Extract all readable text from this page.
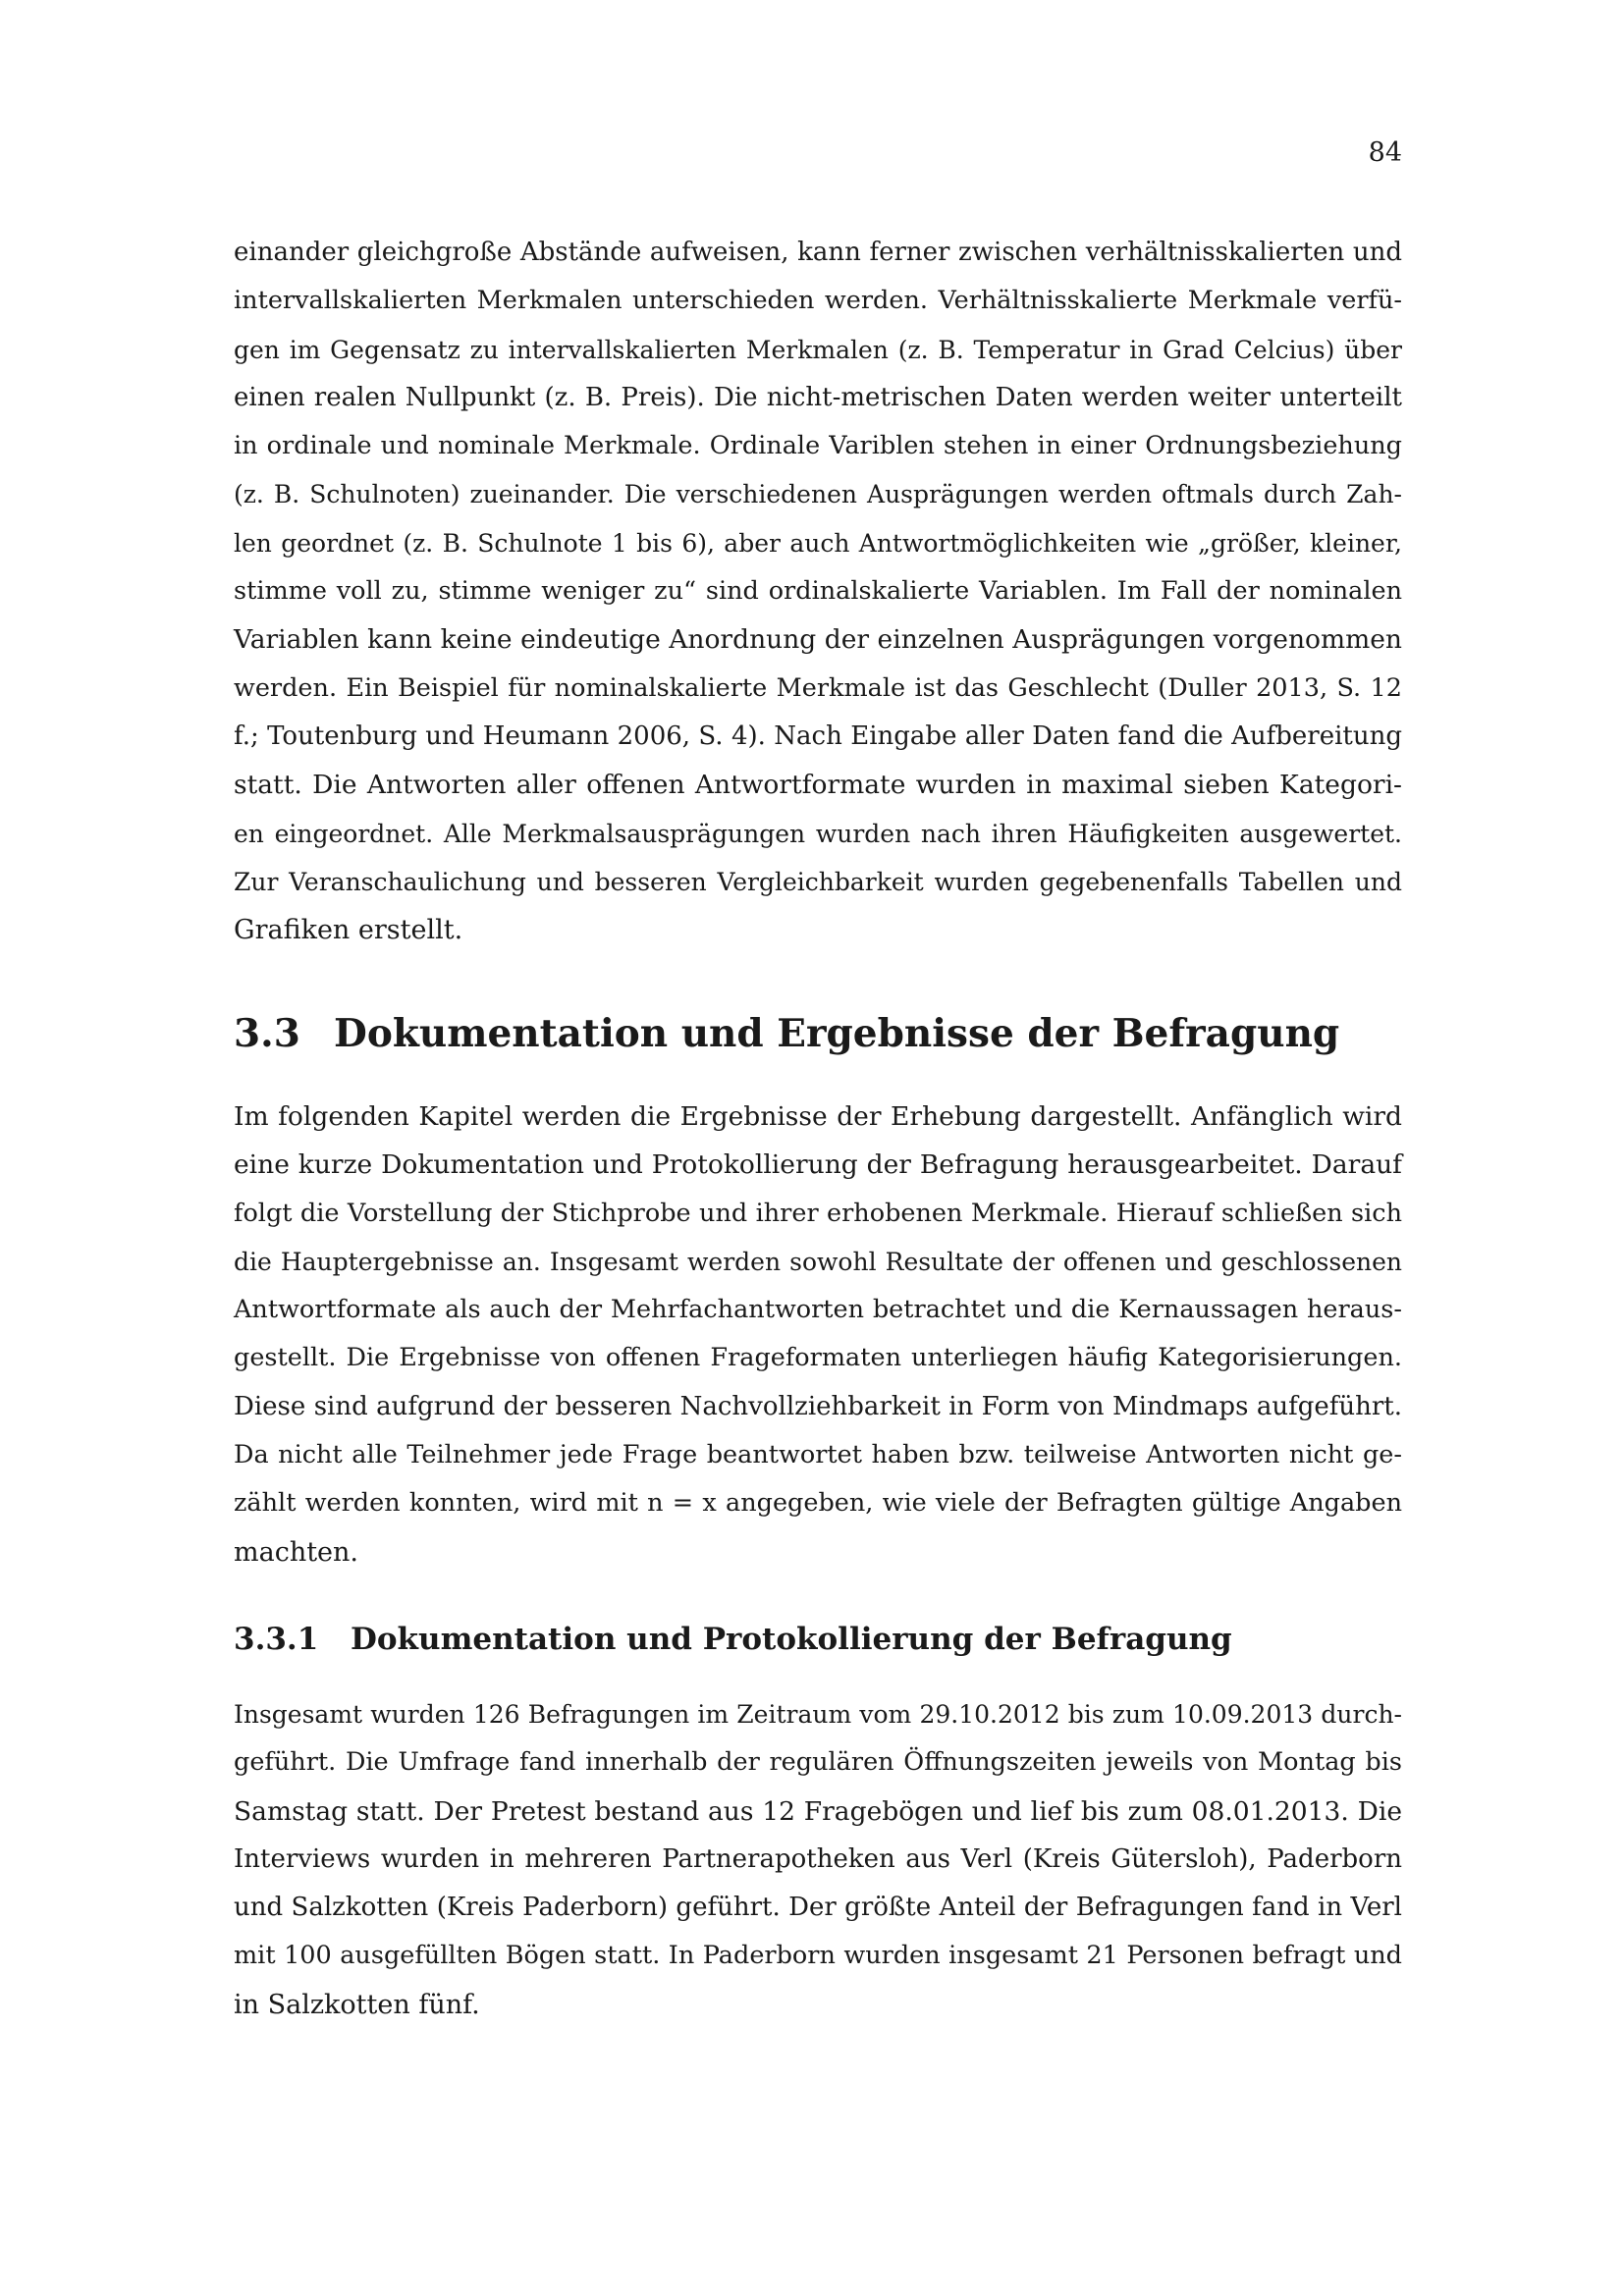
84
einander gleichgroße Abstände aufweisen, kann ferner zwischen verhältnisskalierten und
intervallskalierten Merkmalen unterschieden werden. Verhältnisskalierte Merkmale verfü-
gen im Gegensatz zu intervallskalierten Merkmalen (z. B. Temperatur in Grad Celcius) über
einen realen Nullpunkt (z. B. Preis). Die nicht-metrischen Daten werden weiter unterteilt
in ordinale und nominale Merkmale. Ordinale Variblen stehen in einer Ordnungsbeziehung
(z. B. Schulnoten) zueinander. Die verschiedenen Ausprägungen werden oftmals durch Zah-
len geordnet (z. B. Schulnote 1 bis 6), aber auch Antwortmöglichkeiten wie „größer, kleiner,
stimme voll zu, stimme weniger zu“ sind ordinalskalierte Variablen. Im Fall der nominalen
Variablen kann keine eindeutige Anordnung der einzelnen Ausprägungen vorgenommen
werden. Ein Beispiel für nominalskalierte Merkmale ist das Geschlecht (Duller 2013, S. 12
f.; Toutenburg und Heumann 2006, S. 4). Nach Eingabe aller Daten fand die Aufbereitung
statt. Die Antworten aller offenen Antwortformate wurden in maximal sieben Kategori-
en eingeordnet. Alle Merkmalsausprägungen wurden nach ihren Häufigkeiten ausgewertet.
Zur Veranschaulichung und besseren Vergleichbarkeit wurden gegebenenfalls Tabellen und
Grafiken erstellt.
3.3 Dokumentation und Ergebnisse der Befragung
Im folgenden Kapitel werden die Ergebnisse der Erhebung dargestellt. Anfänglich wird
eine kurze Dokumentation und Protokollierung der Befragung herausgearbeitet. Darauf
folgt die Vorstellung der Stichprobe und ihrer erhobenen Merkmale. Hierauf schließen sich
die Hauptergebnisse an. Insgesamt werden sowohl Resultate der offenen und geschlossenen
Antwortformate als auch der Mehrfachantworten betrachtet und die Kernaussagen heraus-
gestellt. Die Ergebnisse von offenen Frageformaten unterliegen häufig Kategorisierungen.
Diese sind aufgrund der besseren Nachvollziehbarkeit in Form von Mindmaps aufgeführt.
Da nicht alle Teilnehmer jede Frage beantwortet haben bzw. teilweise Antworten nicht ge-
zählt werden konnten, wird mit n = x angegeben, wie viele der Befragten gültige Angaben
machten.
3.3.1 Dokumentation und Protokollierung der Befragung
Insgesamt wurden 126 Befragungen im Zeitraum vom 29.10.2012 bis zum 10.09.2013 durch-
geführt. Die Umfrage fand innerhalb der regulären Öffnungszeiten jeweils von Montag bis
Samstag statt. Der Pretest bestand aus 12 Fragebögen und lief bis zum 08.01.2013. Die
Interviews wurden in mehreren Partnerapotheken aus Verl (Kreis Gütersloh), Paderborn
und Salzkotten (Kreis Paderborn) geführt. Der größte Anteil der Befragungen fand in Verl
mit 100 ausgefüllten Bögen statt. In Paderborn wurden insgesamt 21 Personen befragt und
in Salzkotten fünf.
